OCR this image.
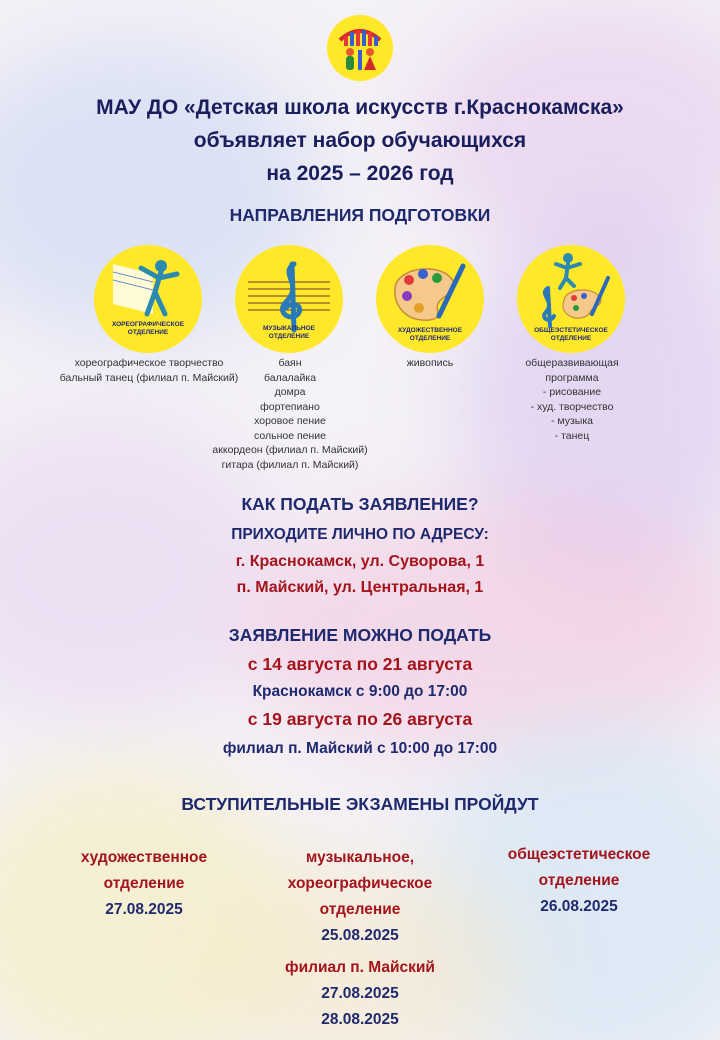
МАУ ДО «Детская школа искусств г.Краснокамска»
объявляет набор обучающихся
на 2025 – 2026 год
НАПРАВЛЕНИЯ ПОДГОТОВКИ
ХОРЕОГРАФИЧЕСКОЕ
ОТДЕЛЕНИЕ
МУЗЫКАЛЬНОЕ
ОТДЕЛЕНИЕ
ХУДОЖЕСТВЕННОЕ
ОТДЕЛЕНИЕ
ОБЩЕЭСТЕТИЧЕСКОЕ
ОТДЕЛЕНИЕ
хореографическое творчество
бальный танец (филиал п. Майский)
баян
балалайка
домра
фортепиано
хоровое пение
сольное пение
аккордеон (филиал п. Майский)
гитара (филиал п. Майский)
живопись	общеразвивающая
программа
- рисование
- худ. творчество
- музыка
- танец
КАК ПОДАТЬ ЗАЯВЛЕНИЕ?
ПРИХОДИТЕ ЛИЧНО ПО АДРЕСУ:
г. Краснокамск, ул. Суворова, 1
п. Майский, ул. Центральная, 1
ЗАЯВЛЕНИЕ МОЖНО ПОДАТЬ
с 14 августа по 21 августа
Краснокамск с 9:00 до 17:00
с 19 августа по 26 августа
филиал п. Майский с 10:00 до 17:00
ВСТУПИТЕЛЬНЫЕ ЭКЗАМЕНЫ ПРОЙДУТ
художественное
отделение
27.08.2025
музыкальное,
хореографическое
отделение
25.08.2025
общеэстетическое
отделение
26.08.2025
филиал п. Майский
27.08.2025
28.08.2025
